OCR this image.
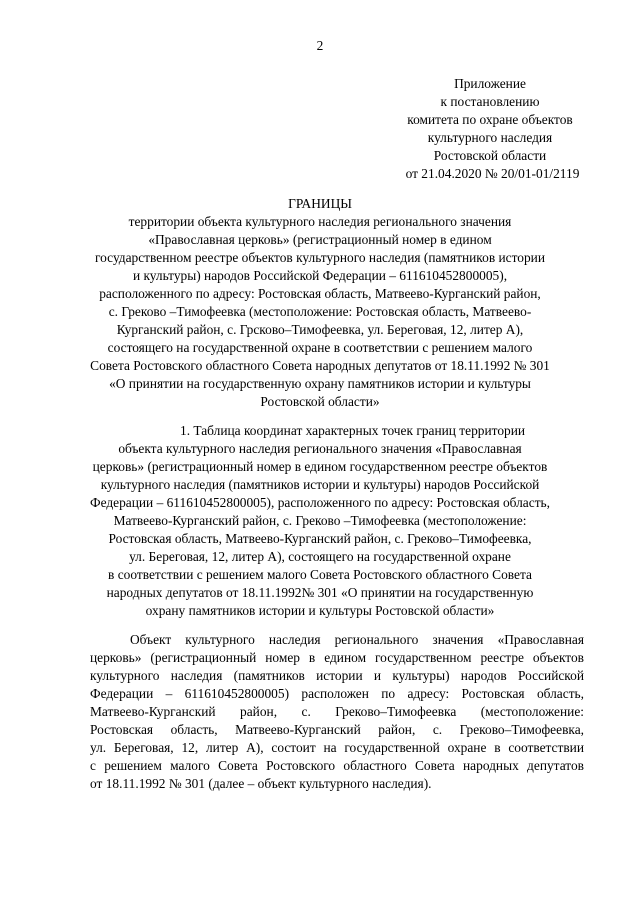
2
Приложение
к постановлению
комитета по охране объектов
культурного наследия
Ростовской области
от 21.04.2020 № 20/01-01/2119
ГРАНИЦЫ
территории объекта культурного наследия регионального значения
«Православная церковь» (регистрационный номер в едином
государственном реестре объектов культурного наследия (памятников истории
и культуры) народов Российской Федерации – 611610452800005),
расположенного по адресу: Ростовская область, Матвеево-Курганский район,
с. Греково –Тимофеевка (местоположение: Ростовская область, Матвеево-
Курганский район, с. Грсково–Тимофеевка, ул. Береговая, 12, литер А),
состоящего на государственной охране в соответствии с решением малого
Совета Ростовского областного Совета народных депутатов от 18.11.1992 № 301
«О принятии на государственную охрану памятников истории и культуры
Ростовской области»
1. Таблица координат характерных точек границ территории
объекта культурного наследия регионального значения «Православная
церковь» (регистрационный номер в едином государственном реестре объектов
культурного наследия (памятников истории и культуры) народов Российской
Федерации – 611610452800005), расположенного по адресу: Ростовская область,
Матвеево-Курганский район, с. Греково –Тимофеевка (местоположение:
Ростовская область, Матвеево-Курганский район, с. Греково–Тимофеевка,
ул. Береговая, 12, литер А), состоящего на государственной охране
в соответствии с решением малого Совета Ростовского областного Совета
народных депутатов от 18.11.1992№ 301 «О принятии на государственную
охрану памятников истории и культуры Ростовской области»
Объект культурного наследия регионального значения «Православная
церковь» (регистрационный номер в едином государственном реестре объектов
культурного наследия (памятников истории и культуры) народов Российской
Федерации – 611610452800005) расположен по адресу: Ростовская область,
Матвеево-Курганский район, с. Греково–Тимофеевка (местоположение:
Ростовская область, Матвеево-Курганский район, с. Греково–Тимофеевка,
ул. Береговая, 12, литер А), состоит на государственной охране в соответствии
с решением малого Совета Ростовского областного Совета народных депутатов
от 18.11.1992 № 301 (далее – объект культурного наследия).
